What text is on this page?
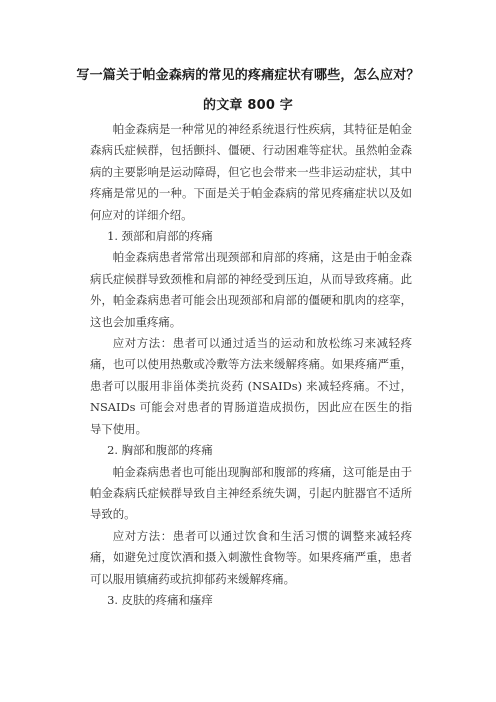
写一篇关于帕金森病的常见的疼痛症状有哪些，怎么应对？
的文章 800 字

帕金森病是一种常见的神经系统退行性疾病，其特征是帕金森病氏症候群，包括颤抖、僵硬、行动困难等症状。虽然帕金森病的主要影响是运动障碍，但它也会带来一些非运动症状，其中疼痛是常见的一种。下面是关于帕金森病的常见疼痛症状以及如何应对的详细介绍。

1. 颈部和肩部的疼痛

帕金森病患者常常出现颈部和肩部的疼痛，这是由于帕金森病氏症候群导致颈椎和肩部的神经受到压迫，从而导致疼痛。此外，帕金森病患者可能会出现颈部和肩部的僵硬和肌肉的痉挛，这也会加重疼痛。

应对方法：患者可以通过适当的运动和放松练习来减轻疼痛，也可以使用热敷或冷敷等方法来缓解疼痛。如果疼痛严重，患者可以服用非甾体类抗炎药 (NSAIDs) 来减轻疼痛。不过，NSAIDs 可能会对患者的胃肠道造成损伤，因此应在医生的指导下使用。

2. 胸部和腹部的疼痛

帕金森病患者也可能出现胸部和腹部的疼痛，这可能是由于帕金森病氏症候群导致自主神经系统失调，引起内脏器官不适所导致的。

应对方法：患者可以通过饮食和生活习惯的调整来减轻疼痛，如避免过度饮酒和摄入刺激性食物等。如果疼痛严重，患者可以服用镇痛药或抗抑郁药来缓解疼痛。

3. 皮肤的疼痛和瘙痒
